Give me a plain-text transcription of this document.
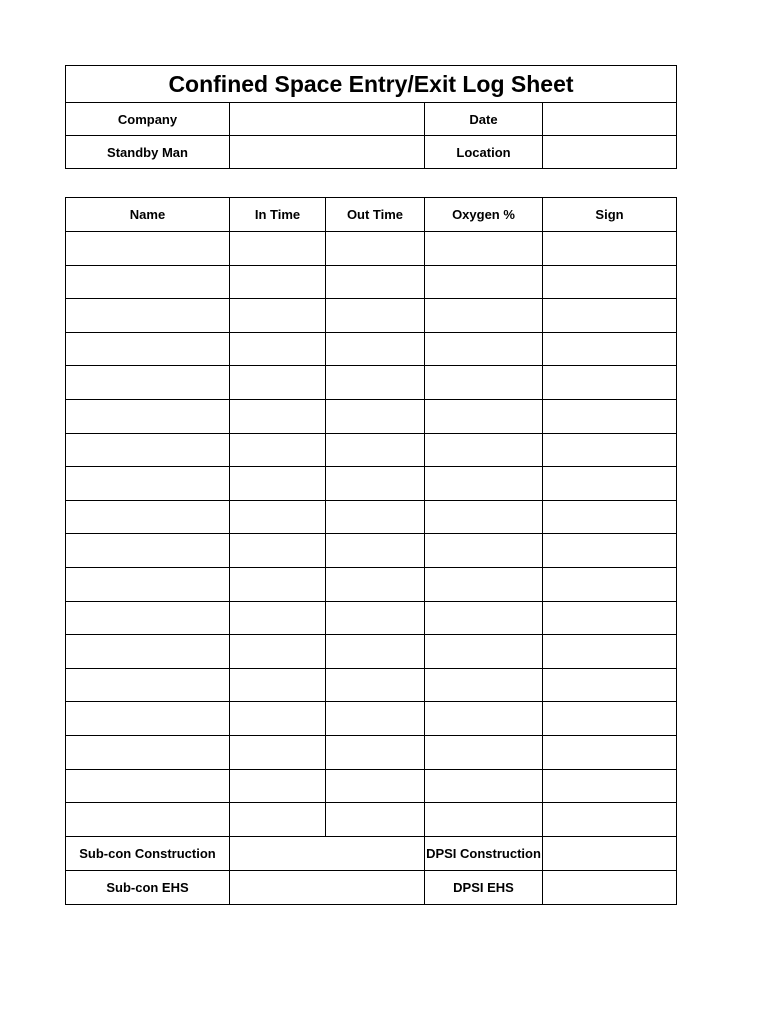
Confined Space Entry/Exit Log Sheet			
Company		Date	
Standby Man		Location	
Name	In Time	Out Time	Oxygen %	Sign

Sub-con Construction			DPSI Construction	
Sub-con EHS			DPSI EHS	
